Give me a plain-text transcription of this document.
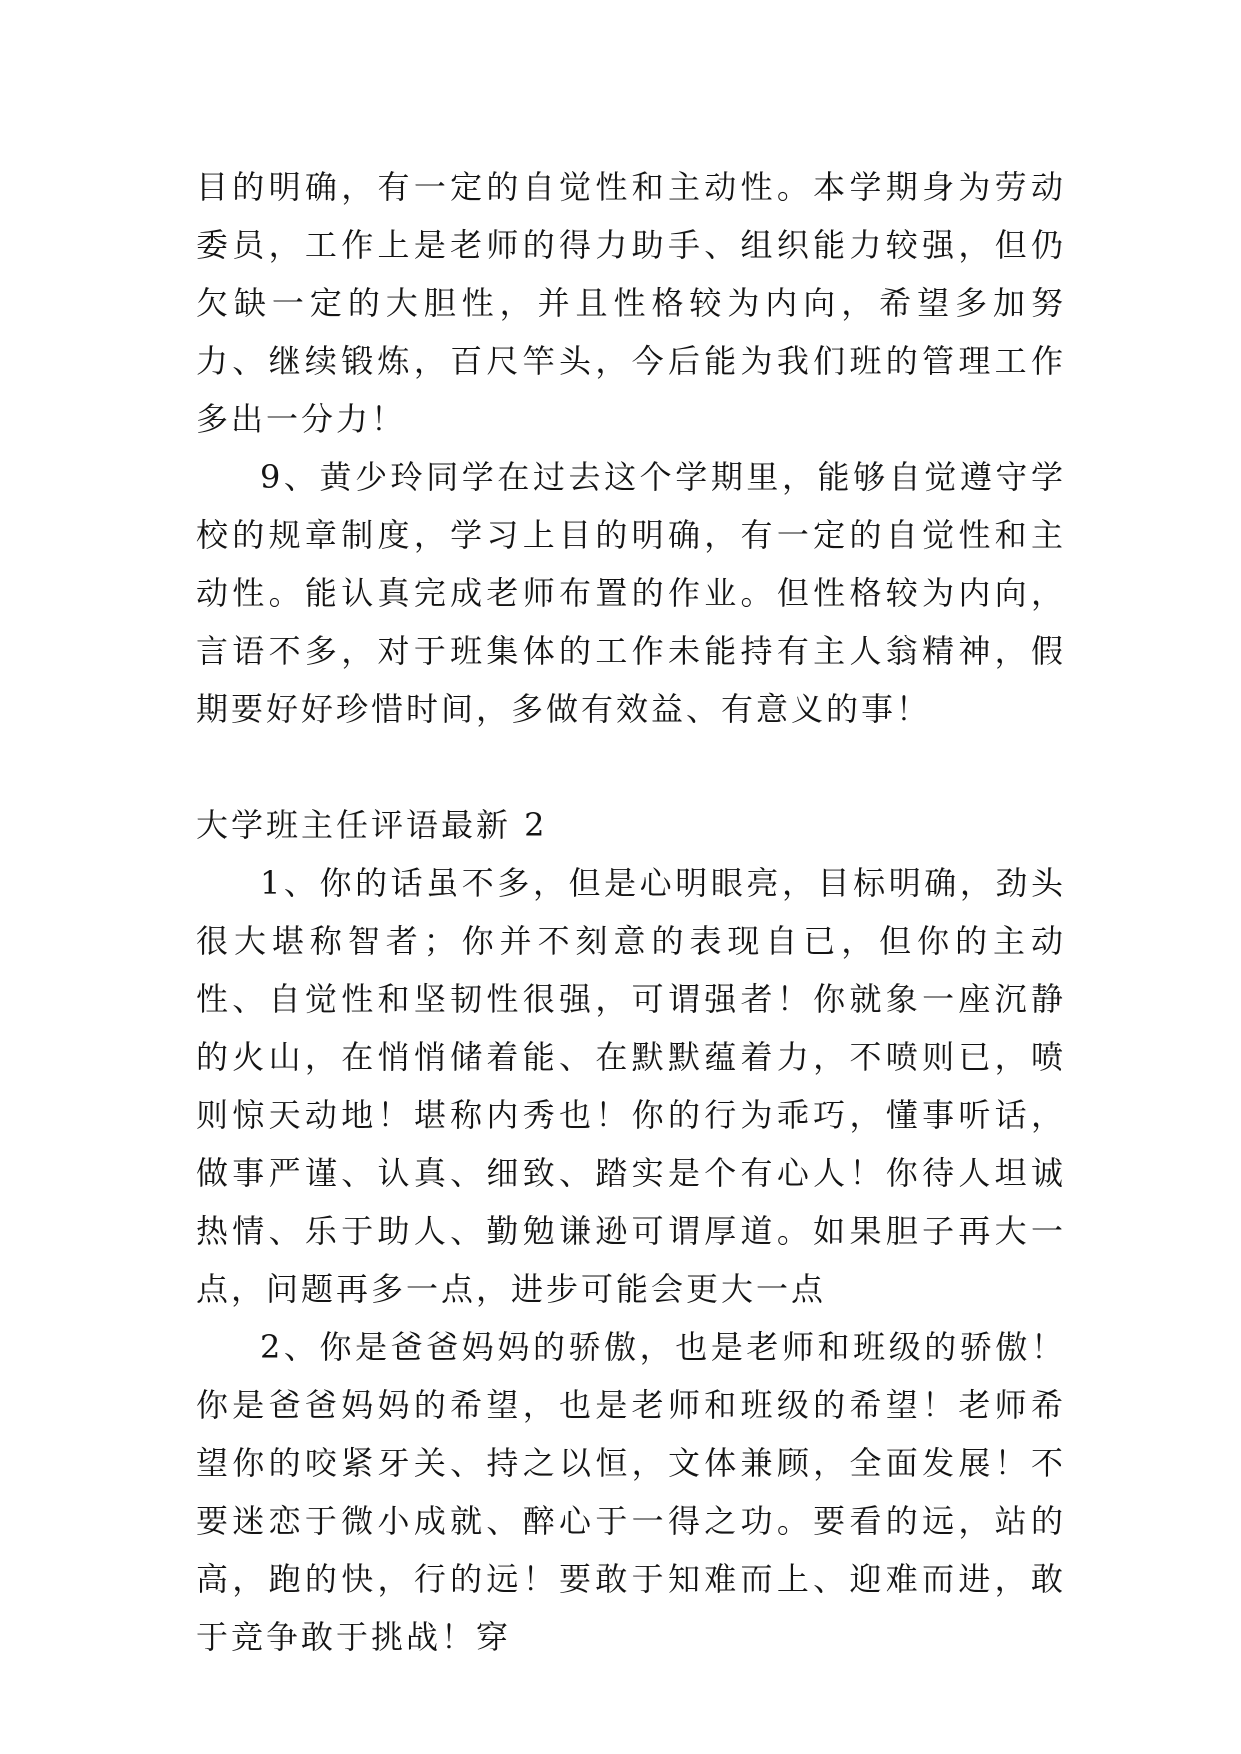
目的明确，有一定的自觉性和主动性。本学期身为劳动委员，工作上是老师的得力助手、组织能力较强，但仍欠缺一定的大胆性，并且性格较为内向，希望多加努力、继续锻炼，百尺竿头，今后能为我们班的管理工作多出一分力！

9、黄少玲同学在过去这个学期里，能够自觉遵守学校的规章制度，学习上目的明确，有一定的自觉性和主动性。能认真完成老师布置的作业。但性格较为内向，言语不多，对于班集体的工作未能持有主人翁精神，假期要好好珍惜时间，多做有效益、有意义的事！

大学班主任评语最新 2

1、你的话虽不多，但是心明眼亮，目标明确，劲头很大堪称智者；你并不刻意的表现自已，但你的主动性、自觉性和坚韧性很强，可谓强者！你就象一座沉静的火山，在悄悄储着能、在默默蕴着力，不喷则已，喷则惊天动地！堪称内秀也！你的行为乖巧，懂事听话，做事严谨、认真、细致、踏实是个有心人！你待人坦诚热情、乐于助人、勤勉谦逊可谓厚道。如果胆子再大一点，问题再多一点，进步可能会更大一点

2、你是爸爸妈妈的骄傲，也是老师和班级的骄傲！你是爸爸妈妈的希望，也是老师和班级的希望！老师希望你的咬紧牙关、持之以恒，文体兼顾，全面发展！不要迷恋于微小成就、醉心于一得之功。要看的远，站的高，跑的快，行的远！要敢于知难而上、迎难而进，敢于竞争敢于挑战！穿
